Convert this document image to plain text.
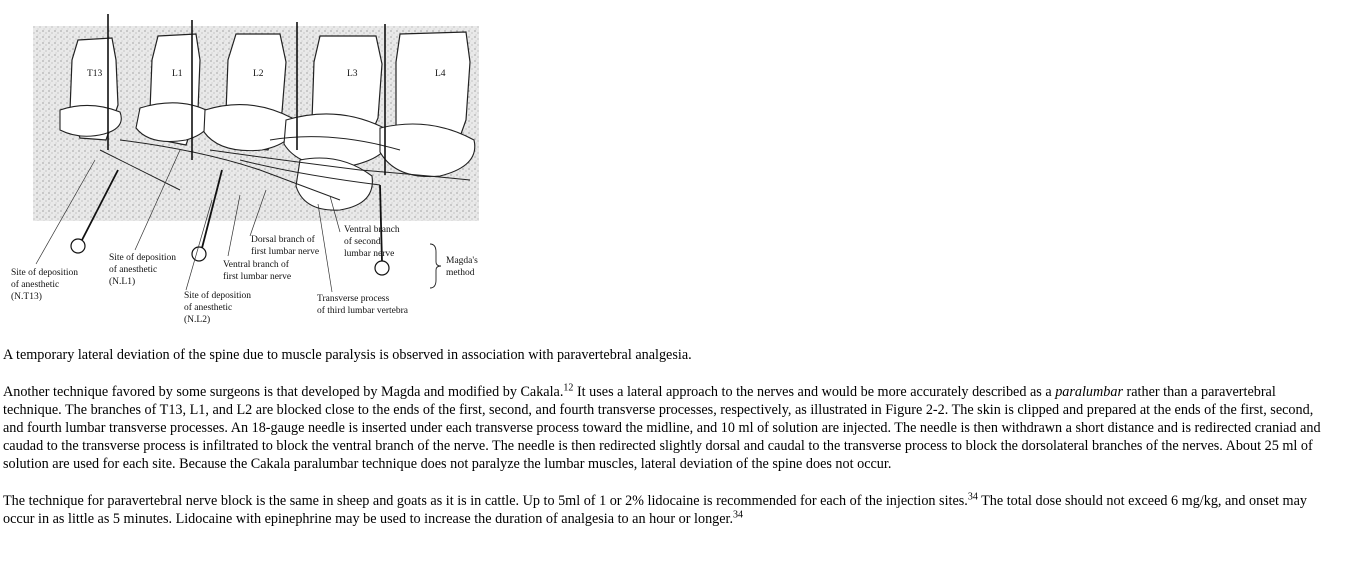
T13	L1	L2	L3	L4
Site of deposition of anesthetic (N.T13)
Site of deposition of anesthetic (N.L1)
Site of deposition of anesthetic (N.L2)
Dorsal branch of first lumbar nerve
Ventral branch of first lumbar nerve
Ventral branch of second lumbar nerve
Transverse process of third lumbar vertebra
Magda's method

A temporary lateral deviation of the spine due to muscle paralysis is observed in association with paravertebral analgesia.

Another technique favored by some surgeons is that developed by Magda and modified by Cakala.$^{12}$ It uses a lateral approach to the nerves and would be more accurately described as a paralumbar rather than a paravertebral technique. The branches of T13, L1, and L2 are blocked close to the ends of the first, second, and fourth transverse processes, respectively, as illustrated in Figure 2-2. The skin is clipped and prepared at the ends of the first, second, and fourth lumbar transverse processes. An 18-gauge needle is inserted under each transverse process toward the midline, and 10 ml of solution are injected. The needle is then withdrawn a short distance and is redirected craniad and caudad to the transverse process is infiltrated to block the ventral branch of the nerve. The needle is then redirected slightly dorsal and caudal to the transverse process to block the dorsolateral branches of the nerves. About 25 ml of solution are used for each site. Because the Cakala paralumbar technique does not paralyze the lumbar muscles, lateral deviation of the spine does not occur.

The technique for paravertebral nerve block is the same in sheep and goats as it is in cattle. Up to 5ml of 1 or 2% lidocaine is recommended for each of the injection sites.$^{34}$ The total dose should not exceed 6 mg/kg, and onset may occur in as little as 5 minutes. Lidocaine with epinephrine may be used to increase the duration of analgesia to an hour or longer.$^{34}$
